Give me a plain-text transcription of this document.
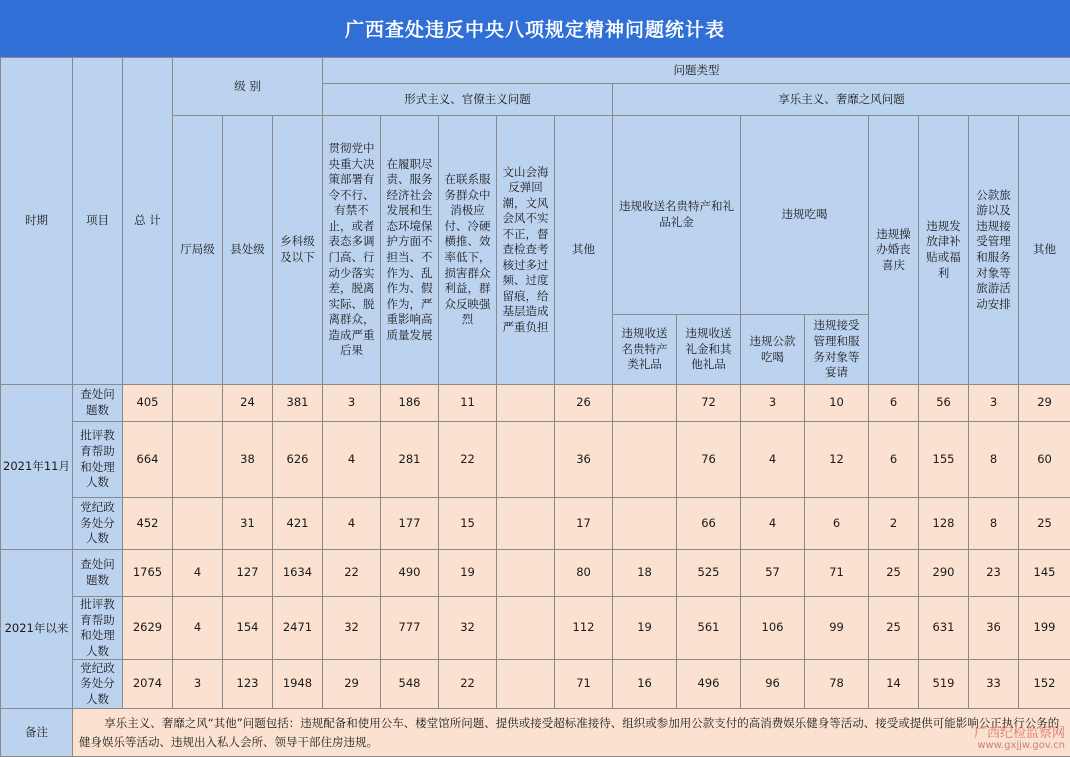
广西查处违反中央八项规定精神问题统计表
时期	项目	总 计	级 别			问题类型												
						形式主义、官僚主义问题					享乐主义、奢靡之风问题							
			厅局级	县处级	乡科级及以下	贯彻党中央重大决策部署有令不行、有禁不止，或者表态多调门高、行动少落实差，脱离实际、脱离群众，造成严重后果	在履职尽责、服务经济社会发展和生态环境保护方面不担当、不作为、乱作为、假作为，严重影响高质量发展	在联系服务群众中消极应付、冷硬横推、效率低下，损害群众利益，群众反映强烈	文山会海反弹回潮，文风会风不实不正，督查检查考核过多过频、过度留痕，给基层造成严重负担	其他	违规收送名贵特产和礼品礼金		违规吃喝		违规操办婚丧喜庆	违规发放津补贴或福利	公款旅游以及违规接受管理和服务对象等旅游活动安排	其他
											违规收送名贵特产类礼品	违规收送礼金和其他礼品	违规公款吃喝	违规接受管理和服务对象等宴请				
2021年11月	查处问题数	405		24	381	3	186	11		26		72	3	10	6	56	3	29
	批评教育帮助和处理人数	664		38	626	4	281	22		36		76	4	12	6	155	8	60
	党纪政务处分人数	452		31	421	4	177	15		17		66	4	6	2	128	8	25
2021年以来	查处问题数	1765	4	127	1634	22	490	19		80	18	525	57	71	25	290	23	145
	批评教育帮助和处理人数	2629	4	154	2471	32	777	32		112	19	561	106	99	25	631	36	199
	党纪政务处分人数	2074	3	123	1948	29	548	22		71	16	496	96	78	14	519	33	152
备注	享乐主义、奢靡之风“其他”问题包括：违规配备和使用公车、楼堂馆所问题、提供或接受超标准接待、组织或参加用公款支付的高消费娱乐健身等活动、接受或提供可能影响公正执行公务的健身娱乐等活动、违规出入私人会所、领导干部住房违规。																	
广西纪检监察网
www.gxjjw.gov.cn
